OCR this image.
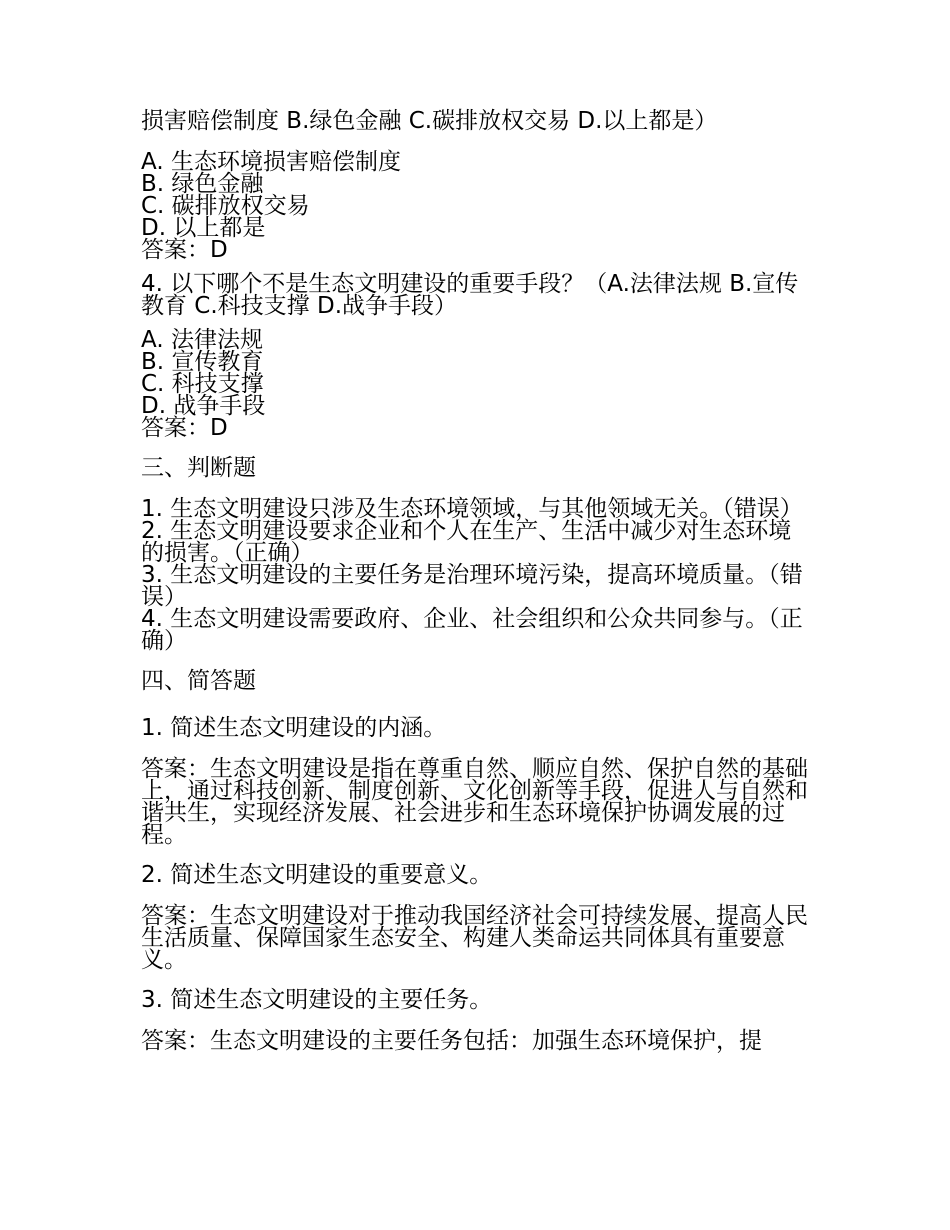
损害赔偿制度 B.绿色金融 C.碳排放权交易 D.以上都是）

A. 生态环境损害赔偿制度
B. 绿色金融
C. 碳排放权交易
D. 以上都是
答案：D

4. 以下哪个不是生态文明建设的重要手段？（A.法律法规 B.宣传教育 C.科技支撑 D.战争手段）

A. 法律法规
B. 宣传教育
C. 科技支撑
D. 战争手段
答案：D

三、判断题

1. 生态文明建设只涉及生态环境领域，与其他领域无关。（错误）
2. 生态文明建设要求企业和个人在生产、生活中减少对生态环境的损害。（正确）
3. 生态文明建设的主要任务是治理环境污染，提高环境质量。（错误）
4. 生态文明建设需要政府、企业、社会组织和公众共同参与。（正确）

四、简答题

1. 简述生态文明建设的内涵。

答案：生态文明建设是指在尊重自然、顺应自然、保护自然的基础上，通过科技创新、制度创新、文化创新等手段，促进人与自然和谐共生，实现经济发展、社会进步和生态环境保护协调发展的过程。

2. 简述生态文明建设的重要意义。

答案：生态文明建设对于推动我国经济社会可持续发展、提高人民生活质量、保障国家生态安全、构建人类命运共同体具有重要意义。

3. 简述生态文明建设的主要任务。

答案：生态文明建设的主要任务包括：加强生态环境保护，提
